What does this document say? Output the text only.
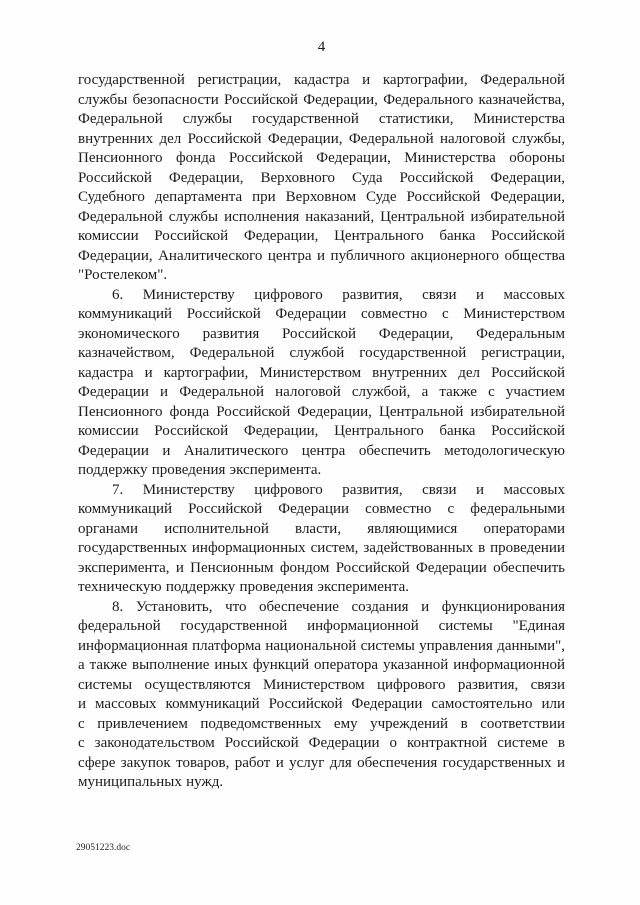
4
государственной регистрации, кадастра и картографии, Федеральной
службы безопасности Российской Федерации, Федерального казначейства,
Федеральной службы государственной статистики, Министерства
внутренних дел Российской Федерации, Федеральной налоговой службы,
Пенсионного фонда Российской Федерации, Министерства обороны
Российской Федерации, Верховного Суда Российской Федерации,
Судебного департамента при Верховном Суде Российской Федерации,
Федеральной службы исполнения наказаний, Центральной избирательной
комиссии Российской Федерации, Центрального банка Российской
Федерации, Аналитического центра и публичного акционерного общества
"Ростелеком".
6. Министерству цифрового развития, связи и массовых
коммуникаций Российской Федерации совместно с Министерством
экономического развития Российской Федерации, Федеральным
казначейством, Федеральной службой государственной регистрации,
кадастра и картографии, Министерством внутренних дел Российской
Федерации и Федеральной налоговой службой, а также с участием
Пенсионного фонда Российской Федерации, Центральной избирательной
комиссии Российской Федерации, Центрального банка Российской
Федерации и Аналитического центра обеспечить методологическую
поддержку проведения эксперимента.
7. Министерству цифрового развития, связи и массовых
коммуникаций Российской Федерации совместно с федеральными
органами исполнительной власти, являющимися операторами
государственных информационных систем, задействованных в проведении
эксперимента, и Пенсионным фондом Российской Федерации обеспечить
техническую поддержку проведения эксперимента.
8. Установить, что обеспечение создания и функционирования
федеральной государственной информационной системы "Единая
информационная платформа национальной системы управления данными",
а также выполнение иных функций оператора указанной информационной
системы осуществляются Министерством цифрового развития, связи
и массовых коммуникаций Российской Федерации самостоятельно или
с привлечением подведомственных ему учреждений в соответствии
с законодательством Российской Федерации о контрактной системе в
сфере закупок товаров, работ и услуг для обеспечения государственных и
муниципальных нужд.
29051223.doc
